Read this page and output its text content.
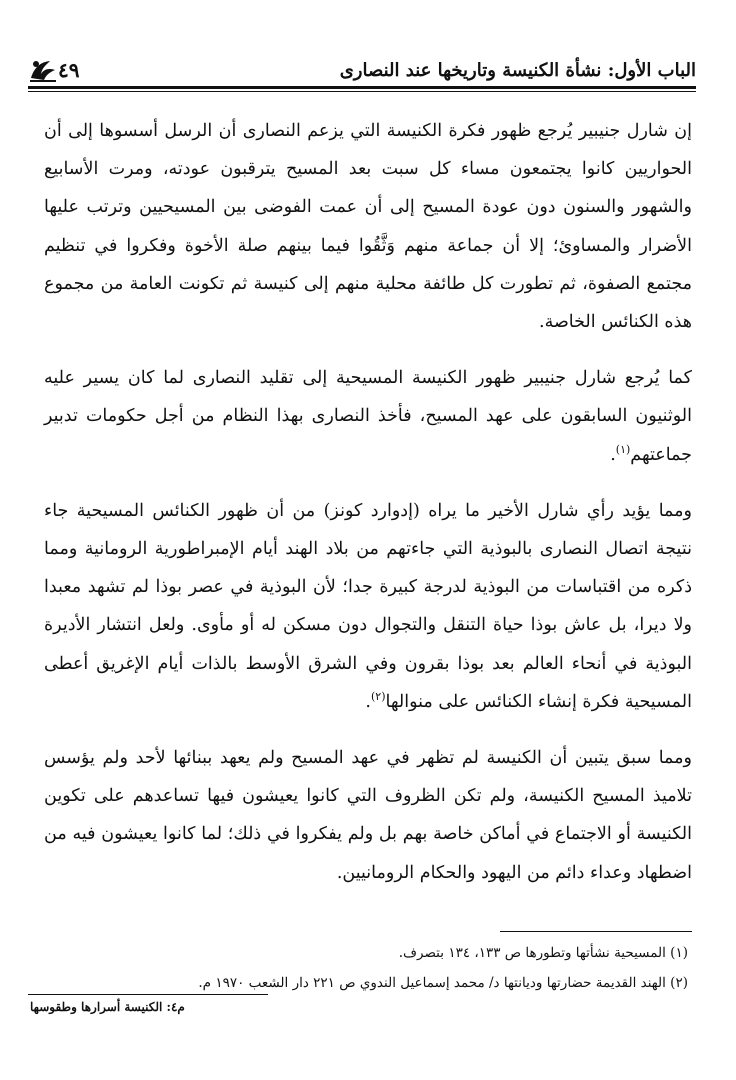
٤٩	الباب الأول: نشأة الكنيسة وتاريخها عند النصارى

إن شارل جنيبير يُرجع ظهور فكرة الكنيسة التي يزعم النصارى أن الرسل أسسوها إلى أن الحواريين كانوا يجتمعون مساء كل سبت بعد المسيح يترقبون عودته، ومرت الأسابيع والشهور والسنون دون عودة المسيح إلى أن عمت الفوضى بين المسيحيين وترتب عليها الأضرار والمساوئ؛ إلا أن جماعة منهم وَثَّقُوا فيما بينهم صلة الأخوة وفكروا في تنظيم مجتمع الصفوة، ثم تطورت كل طائفة محلية منهم إلى كنيسة ثم تكونت العامة من مجموع هذه الكنائس الخاصة.

كما يُرجع شارل جنيبير ظهور الكنيسة المسيحية إلى تقليد النصارى لما كان يسير عليه الوثنيون السابقون على عهد المسيح، فأخذ النصارى بهذا النظام من أجل حكومات تدبير جماعتهم$^{(١)}$.

ومما يؤيد رأي شارل الأخير ما يراه (إدوارد كونز) من أن ظهور الكنائس المسيحية جاء نتيجة اتصال النصارى بالبوذية التي جاءتهم من بلاد الهند أيام الإمبراطورية الرومانية ومما ذكره من اقتباسات من البوذية لدرجة كبيرة جدا؛ لأن البوذية في عصر بوذا لم تشهد معبدا ولا ديرا، بل عاش بوذا حياة التنقل والتجوال دون مسكن له أو مأوى. ولعل انتشار الأديرة البوذية في أنحاء العالم بعد بوذا بقرون وفي الشرق الأوسط بالذات أيام الإغريق أعطى المسيحية فكرة إنشاء الكنائس على منوالها$^{(٢)}$.

ومما سبق يتبين أن الكنيسة لم تظهر في عهد المسيح ولم يعهد ببنائها لأحد ولم يؤسس تلاميذ المسيح الكنيسة، ولم تكن الظروف التي كانوا يعيشون فيها تساعدهم على تكوين الكنيسة أو الاجتماع في أماكن خاصة بهم بل ولم يفكروا في ذلك؛ لما كانوا يعيشون فيه من اضطهاد وعداء دائم من اليهود والحكام الرومانيين.

(١) المسيحية نشأتها وتطورها ص ١٣٣، ١٣٤ بتصرف.

(٢) الهند القديمة حضارتها وديانتها د/ محمد إسماعيل الندوي ص ٢٢١ دار الشعب ١٩٧٠ م.

م٤: الكنيسة أسرارها وطقوسها
